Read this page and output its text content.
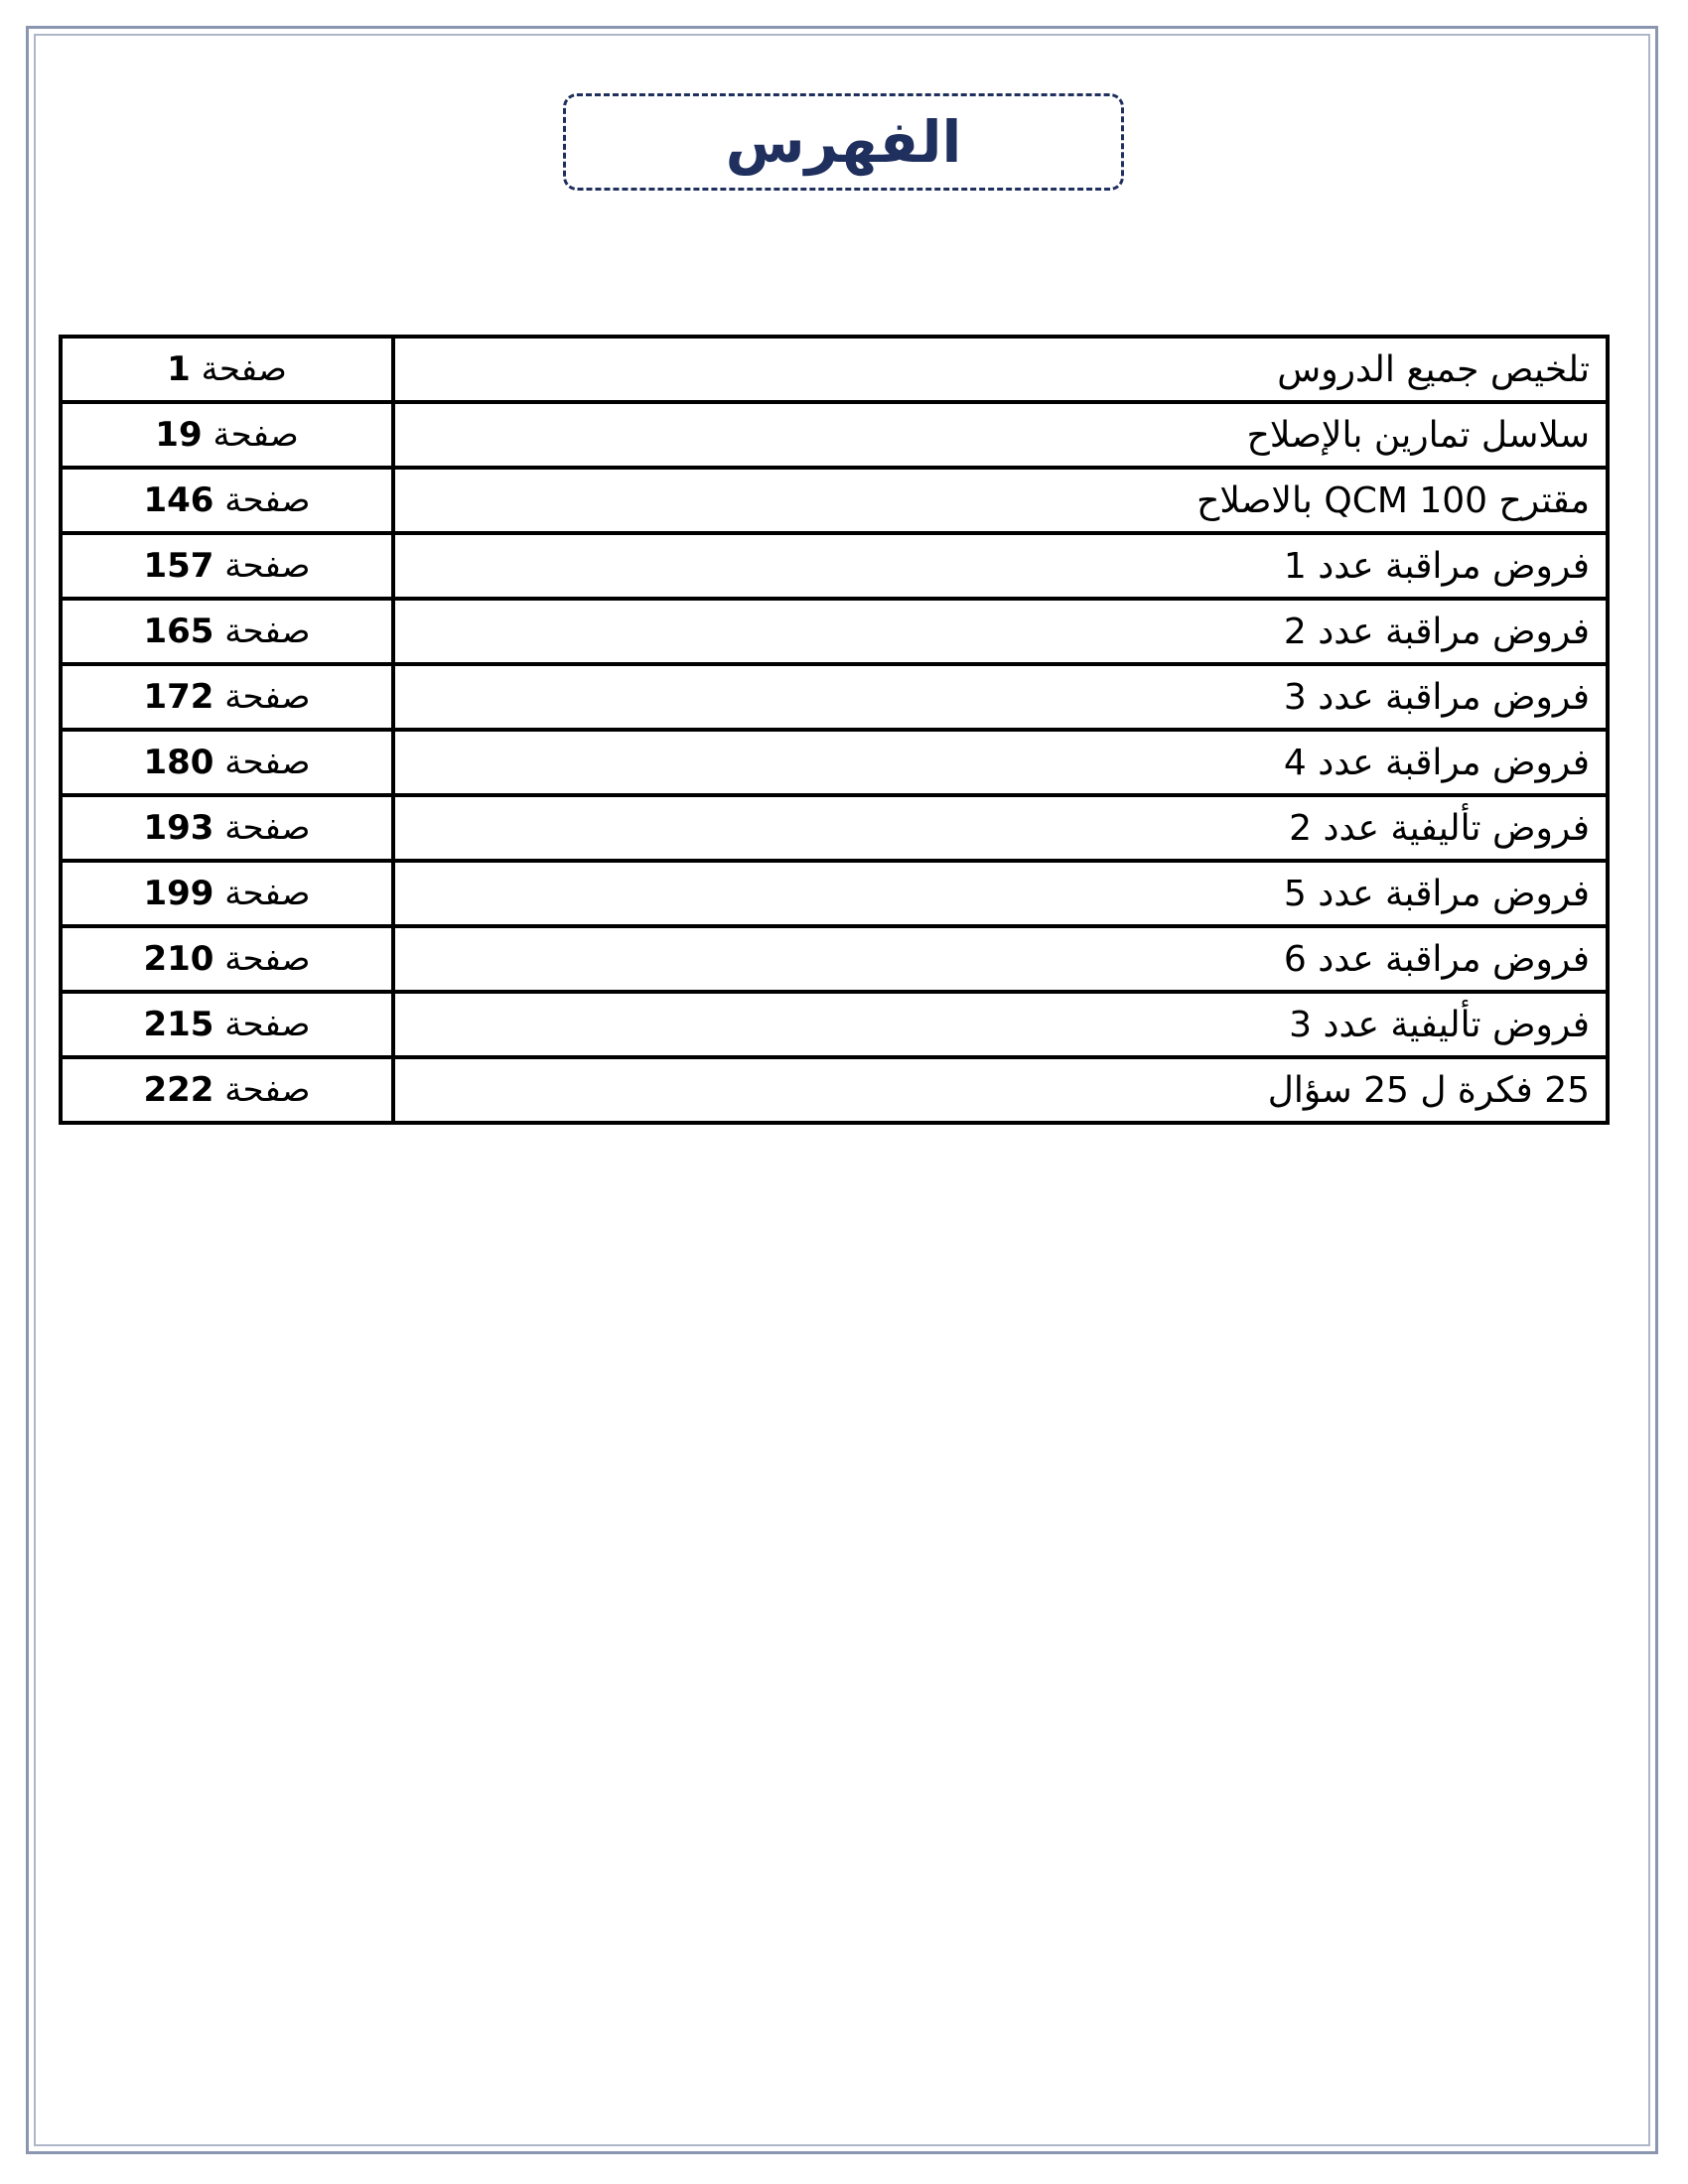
الفهرس
صفحة 1	تلخيص جميع الدروس
صفحة 19	سلاسل تمارين بالإصلاح
صفحة 146	مقترح 100 QCM بالاصلاح
صفحة 157	فروض مراقبة عدد 1
صفحة 165	فروض مراقبة عدد 2
صفحة 172	فروض مراقبة عدد 3
صفحة 180	فروض مراقبة عدد 4
صفحة 193	فروض تأليفية عدد 2
صفحة 199	فروض مراقبة عدد 5
صفحة 210	فروض مراقبة عدد 6
صفحة 215	فروض تأليفية عدد 3
صفحة 222	25 فكرة ل 25 سؤال
